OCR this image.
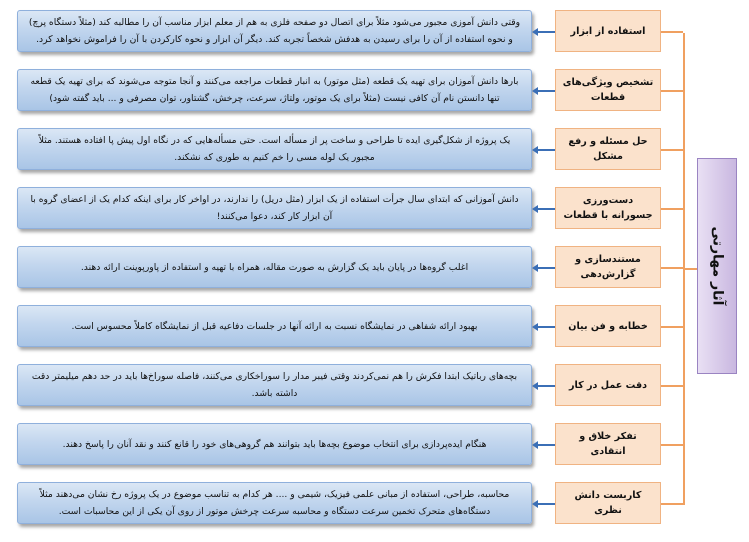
وقتی دانش آموزی مجبور می‌شود مثلاً برای اتصال دو صفحه فلزی به هم از معلم ابزار مناسب آن را مطالبه کند (مثلاً دستگاه پرچ) و نحوه استفاده از آن را برای رسیدن به هدفش شخصاً تجربه کند. دیگر آن ابزار و نحوه کارکردن با آن را فراموش نخواهد کرد.
استفاده از ابزار
بارها دانش آموزان برای تهیه یک قطعه (مثل موتور) به انبار قطعات مراجعه می‌کنند و آنجا متوجه می‌شوند که برای تهیه یک قطعه تنها دانستن نام آن کافی نیست (مثلاً برای یک موتور، ولتاژ، سرعت، چرخش، گشتاور، توان مصرفی و ... باید گفته شود)
تشخیص ویژگی‌های قطعات
یک پروژه از شکل‌گیری ایده تا طراحی و ساخت پر از مسأله است. حتی مسأله‌هایی که در نگاه اول پیش پا افتاده هستند. مثلاً مجبور یک لوله مسی را خم کنیم به طوری که نشکند.
حل مسئله و رفع مشکل
دانش آموزانی که ابتدای سال جرأت استفاده از یک ابزار (مثل دریل) را ندارند، در اواخر کار برای اینکه کدام یک از اعضای گروه با آن ابزار کار کند، دعوا می‌کنند!
دست‌ورزی جسورانه با قطعات
اغلب گروه‌ها در پایان باید یک گزارش به صورت مقاله، همراه با تهیه و استفاده از پاورپوینت ارائه دهند.
مستندسازی و گزارش‌دهی
بهبود ارائه شفاهی در نمایشگاه نسبت به ارائه آنها در جلسات دفاعیه قبل از نمایشگاه کاملاً محسوس است.	خطابه و فن بیان
بچه‌های رباتیک ابتدا فکرش را هم نمی‌کردند وقتی فیبر مدار را سوراخکاری می‌کنند، فاصله سوراخ‌ها باید در حد دهم میلیمتر دقت داشته باشد.
دقت عمل در کار
هنگام ایده‌پردازی برای انتخاب موضوع بچه‌ها باید بتوانند هم گروهی‌های خود را قانع کنند و نقد آنان را پاسخ دهند.
تفکر خلاق و انتقادی
محاسبه، طراحی، استفاده از مبانی علمی فیزیک، شیمی و .... هر کدام به تناسب موضوع در یک پروژه رخ نشان می‌دهند مثلاً دستگاه‌های متحرک تخمین سرعت دستگاه و محاسبه سرعت چرخش موتور از روی آن یکی از این محاسبات است.
کاربست دانش نظری
آثار مهارتی
